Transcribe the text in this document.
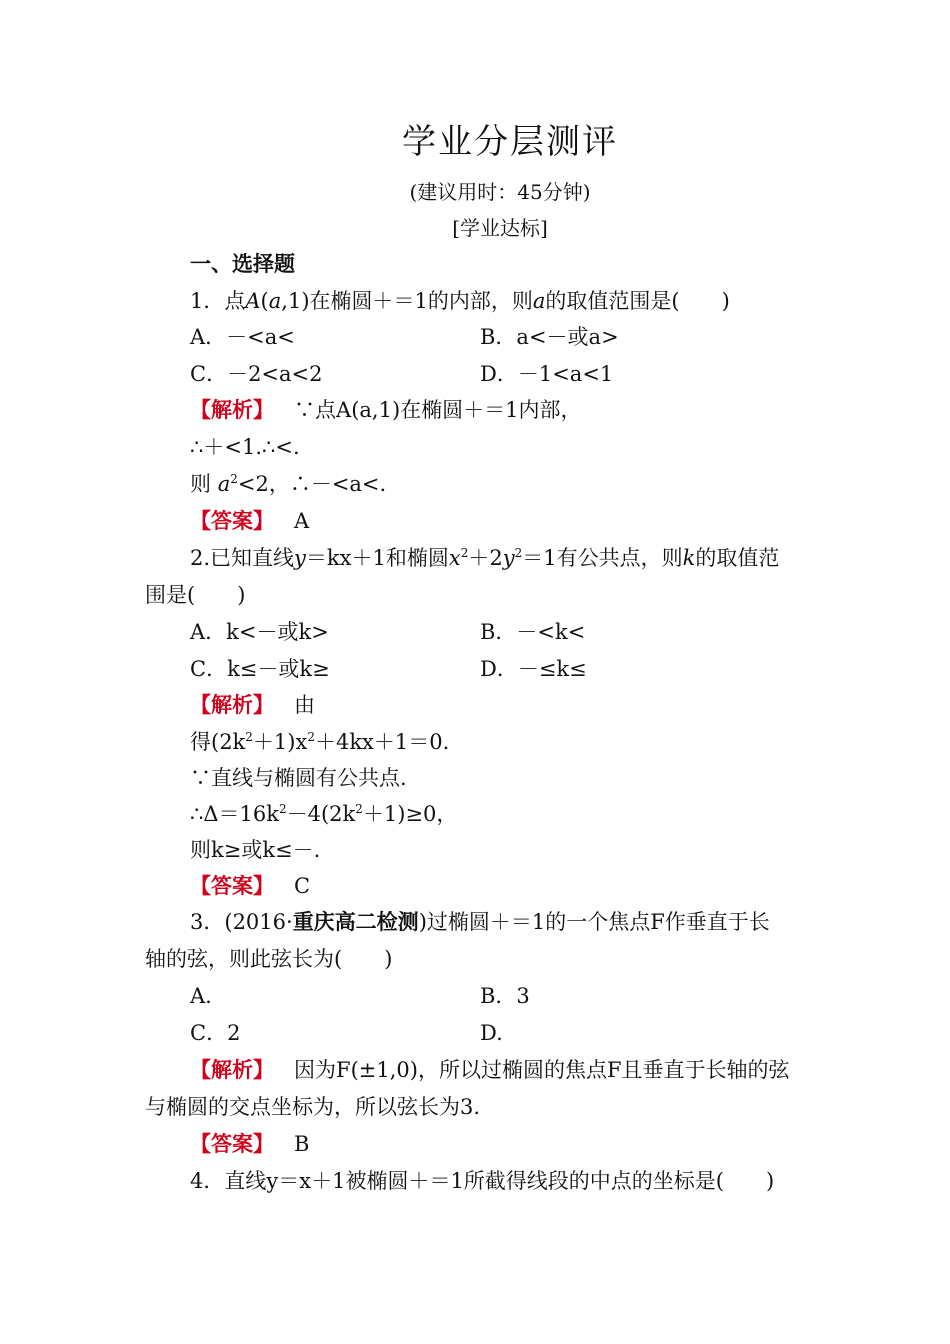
学业分层测评
(建议用时：45分钟)
[学业达标]
一、选择题
1．点A(a,1)在椭圆＋＝1的内部，则a的取值范围是(　　)
A．－<a<	B．a<－或a>
C．－2<a<2	D．－1<a<1
【解析】 ∵点A(a,1)在椭圆＋＝1内部，
∴＋<1.∴<.
则 $a^2<2$，∴－<a<.
【答案】 A
2.已知直线y＝kx＋1和椭圆$x^2+2y^2=1$有公共点，则k的取值范
围是(　　)
A．k<－或k>	B．－<k<
C．k≤－或k≥	D．－≤k≤
【解析】 由
得$(2k^2+1)x^2+4kx+1=0$.
∵直线与椭圆有公共点.
$\therefore\Delta=16k^2-4(2k^2+1)\ge 0$，
则k≥或k≤－.
【答案】 C
3．(2016·重庆高二检测)过椭圆＋＝1的一个焦点F作垂直于长
轴的弦，则此弦长为(　　)
A.	B．3
C．2	D.
【解析】 因为F(±1,0)，所以过椭圆的焦点F且垂直于长轴的弦
与椭圆的交点坐标为，所以弦长为3.
【答案】 B
4．直线y＝x＋1被椭圆＋＝1所截得线段的中点的坐标是(　　)
